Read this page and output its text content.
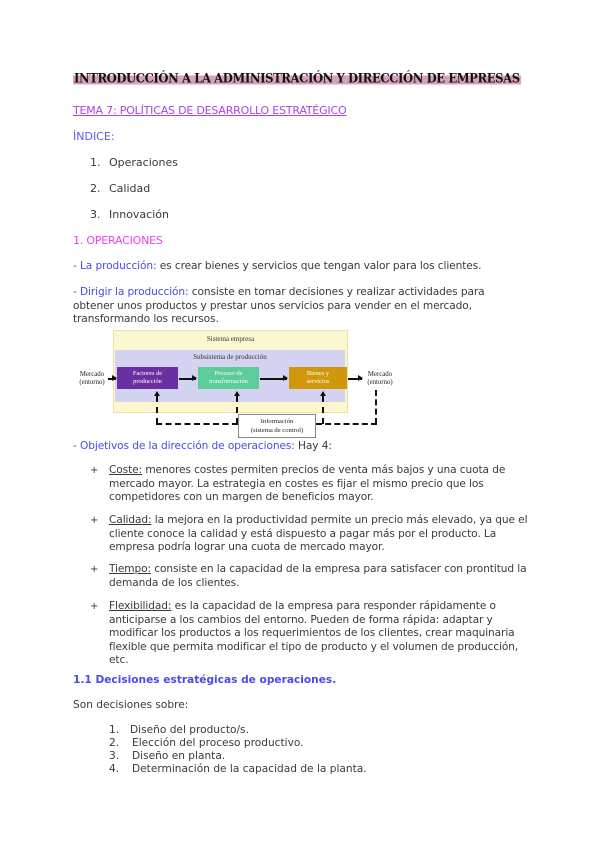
INTRODUCCIÓN A LA ADMINISTRACIÓN Y DIRECCIÓN DE EMPRESAS
TEMA 7: POLÍTICAS DE DESARROLLO ESTRATÉGICO
ÍNDICE:
1. Operaciones
2. Calidad
3. Innovación
1. OPERACIONES
- La producción: es crear bienes y servicios que tengan valor para los clientes.
- Dirigir la producción: consiste en tomar decisiones y realizar actividades para
obtener unos productos y prestar unos servicios para vender en el mercado,
transformando los recursos.
Sistema empresa
Subsistema de producción
Mercado
(entorno)
Factores de
producción
Proceso de
transformación
Bienes y
servicios
Mercado
(entorno)
Información
(sistema de control)
- Objetivos de la dirección de operaciones: Hay 4:
+ Coste: menores costes permiten precios de venta más bajos y una cuota de mercado mayor. La estrategia en costes es fijar el mismo precio que los competidores con un margen de beneficios mayor.
+ Calidad: la mejora en la productividad permite un precio más elevado, ya que el cliente conoce la calidad y está dispuesto a pagar más por el producto. La empresa podría lograr una cuota de mercado mayor.
+ Tiempo: consiste en la capacidad de la empresa para satisfacer con prontitud la demanda de los clientes.
+ Flexibilidad: es la capacidad de la empresa para responder rápidamente o anticiparse a los cambios del entorno. Pueden de forma rápida: adaptar y modificar los productos a los requerimientos de los clientes, crear maquinaria flexible que permita modificar el tipo de producto y el volumen de producción, etc.
1.1 Decisiones estratégicas de operaciones.
Son decisiones sobre:
1. Diseño del producto/s.
2. Elección del proceso productivo.
3. Diseño en planta.
4. Determinación de la capacidad de la planta.
